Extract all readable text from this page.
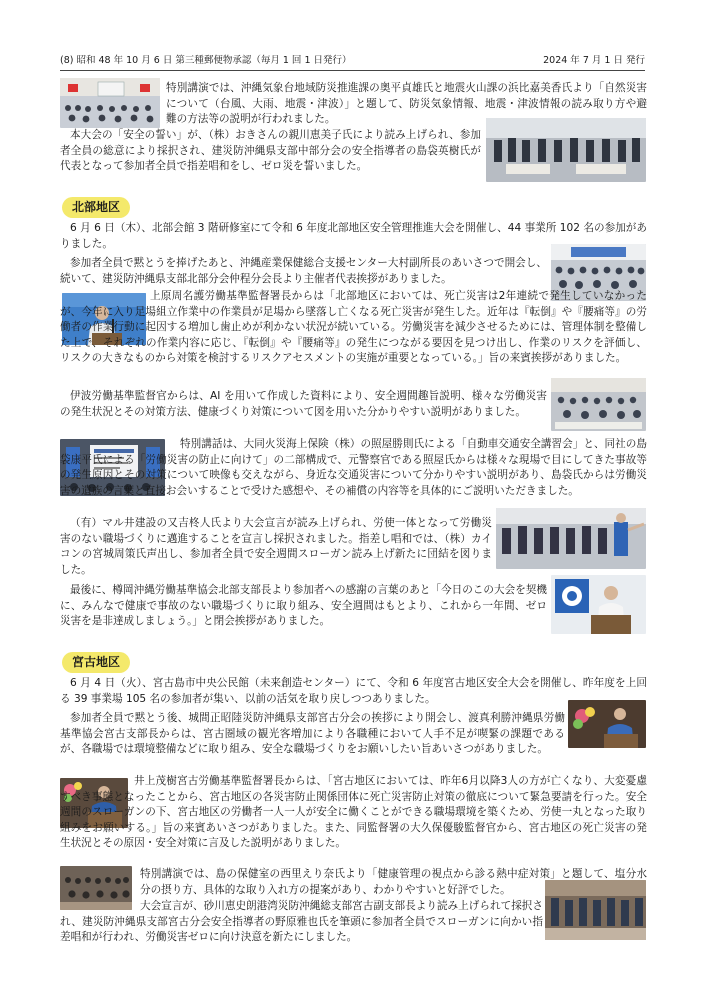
(8) 昭和 48 年 10 月 6 日 第三種郵便物承認（毎月 1 回 1 日発行）	2024 年 7 月 1 日 発行
特別講演では、沖縄気象台地域防災推進課の奥平貞雄氏と地震火山課の浜比嘉美香氏より「自然災害について（台風、大雨、地震・津波）」と題して、防災気象情報、地震・津波情報の読み取り方や避難の方法等の説明が行われました。
本大会の「安全の誓い」が、（株）おきさんの親川恵美子氏により読み上げられ、参加者全員の総意により採択され、建災防沖縄県支部中部分会の安全指導者の島袋英樹氏が代表となって参加者全員で指差唱和をし、ゼロ災を誓いました。
北部地区
6 月 6 日（木）、北部会館 3 階研修室にて令和 6 年度北部地区安全管理推進大会を開催し、44 事業所 102 名の参加がありました。
参加者全員で黙とうを捧げたあと、沖縄産業保健総合支援センター大村副所長のあいさつで開会し、続いて、建災防沖縄県支部北部分会仲程分会長より主催者代表挨拶がありました。
上原周名護労働基準監督署長からは「北部地区においては、死亡災害は2年連続で発生していなかったが、今年に入り足場組立作業中の作業員が足場から墜落し亡くなる死亡災害が発生した。近年は『転倒』や『腰痛等』の労働者の作業行動に起因する増加し歯止めが利かない状況が続いている。労働災害を減少させるためには、管理体制を整備した上で、それぞれの作業内容に応じ、『転倒』や『腰痛等』の発生につながる要因を見つけ出し、作業のリスクを評価し、リスクの大きなものから対策を検討するリスクアセスメントの実施が重要となっている。」旨の来賓挨拶がありました。
伊波労働基準監督官からは、AI を用いて作成した資料により、安全週間趣旨説明、様々な労働災害の発生状況とその対策方法、健康づくり対策について図を用いた分かりやすい説明がありました。
特別講話は、大同火災海上保険（株）の照屋勝則氏による「自動車交通安全講習会」と、同社の島袋康平氏による「労働災害の防止に向けて」の二部構成で、元警察官である照屋氏からは様々な現場で目にしてきた事故等の発生原因とその対策について映像も交えながら、身近な交通災害について分かりやすい説明があり、島袋氏からは労働災害の遺族の言葉と直接お会いすることで受けた感想や、その補償の内容等を具体的にご説明いただきました。
（有）マル井建設の又吉柊人氏より大会宣言が読み上げられ、労使一体となって労働災害のない職場づくりに邁進することを宣言し採択されました。指差し唱和では、（株）カイコンの宮城周策氏声出し、参加者全員で安全週間スローガン読み上げ新たに団結を図りました。
最後に、樽岡沖縄労働基準協会北部支部長より参加者への感謝の言葉のあと「今日のこの大会を契機に、みんなで健康で事故のない職場づくりに取り組み、安全週間はもとより、これから一年間、ゼロ災害を是非達成しましょう。」と閉会挨拶がありました。
宮古地区
6 月 4 日（火）、宮古島市中央公民館（未来創造センター）にて、令和 6 年度宮古地区安全大会を開催し、昨年度を上回る 39 事業場 105 名の参加者が集い、以前の活気を取り戻しつつありました。
参加者全員で黙とう後、城間正昭陸災防沖縄県支部宮古分会の挨拶により開会し、渡真利勝沖縄県労働基準協会宮古支部長からは、宮古圏域の観光客増加により各職種において人手不足が喫緊の課題であるが、各職場では環境整備などに取り組み、安全な職場づくりをお願いしたい旨あいさつがありました。
井上茂樹宮古労働基準監督署長からは、「宮古地区においては、昨年6月以降3人の方が亡くなり、大変憂慮すべき事態となったことから、宮古地区の各災害防止関係団体に死亡災害防止対策の徹底について緊急要請を行った。安全週間のスローガンの下、宮古地区の労働者一人一人が安全に働くことができる職場環境を築くため、労使一丸となった取り組みをお願いする。」旨の来賓あいさつがありました。また、同監督署の大久保優駿監督官から、宮古地区の死亡災害の発生状況とその原因・安全対策に言及した説明がありました。
特別講演では、島の保健室の西里えり奈氏より「健康管理の視点から診る熱中症対策」と題して、塩分水分の摂り方、具体的な取り入れ方の提案があり、わかりやすいと好評でした。
大会宣言が、砂川恵史朗港湾災防沖縄総支部宮古副支部長より読み上げられて採択され、建災防沖縄県支部宮古分会安全指導者の野原雅也氏を筆頭に参加者全員でスローガンに向かい指差唱和が行われ、労働災害ゼロに向け決意を新たにしました。
